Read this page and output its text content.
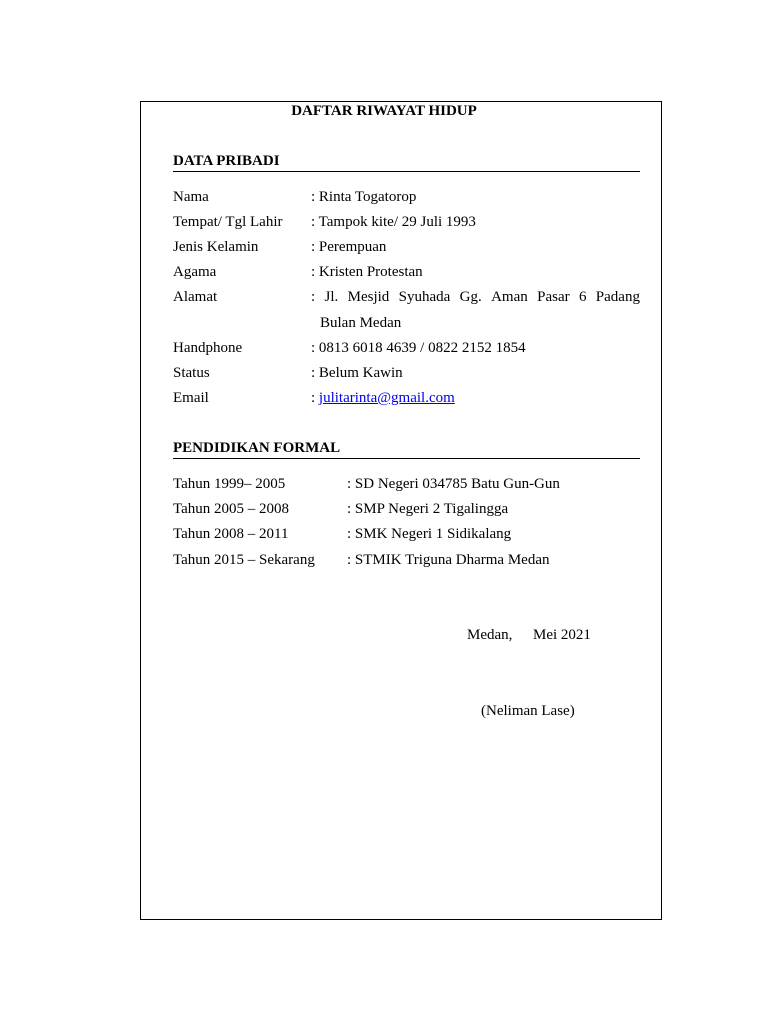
DAFTAR RIWAYAT HIDUP
DATA PRIBADI
Nama	: Rinta Togatorop
Tempat/ Tgl Lahir : Tampok kite/ 29 Juli 1993
Jenis Kelamin	: Perempuan
Agama	: Kristen Protestan
Alamat	: Jl. Mesjid Syuhada Gg. Aman Pasar 6 Padang
Bulan Medan
Handphone	: 0813 6018 4639 / 0822 2152 1854
Status	: Belum Kawin
Email	: julitarinta@gmail.com
PENDIDIKAN FORMAL
Tahun 1999– 2005	: SD Negeri 034785 Batu Gun-Gun
Tahun 2005 – 2008	: SMP Negeri 2 Tigalingga
Tahun 2008 – 2011	: SMK Negeri 1 Sidikalang
Tahun 2015 – Sekarang : STMIK Triguna Dharma Medan
Medan, Mei 2021
(Neliman Lase)
